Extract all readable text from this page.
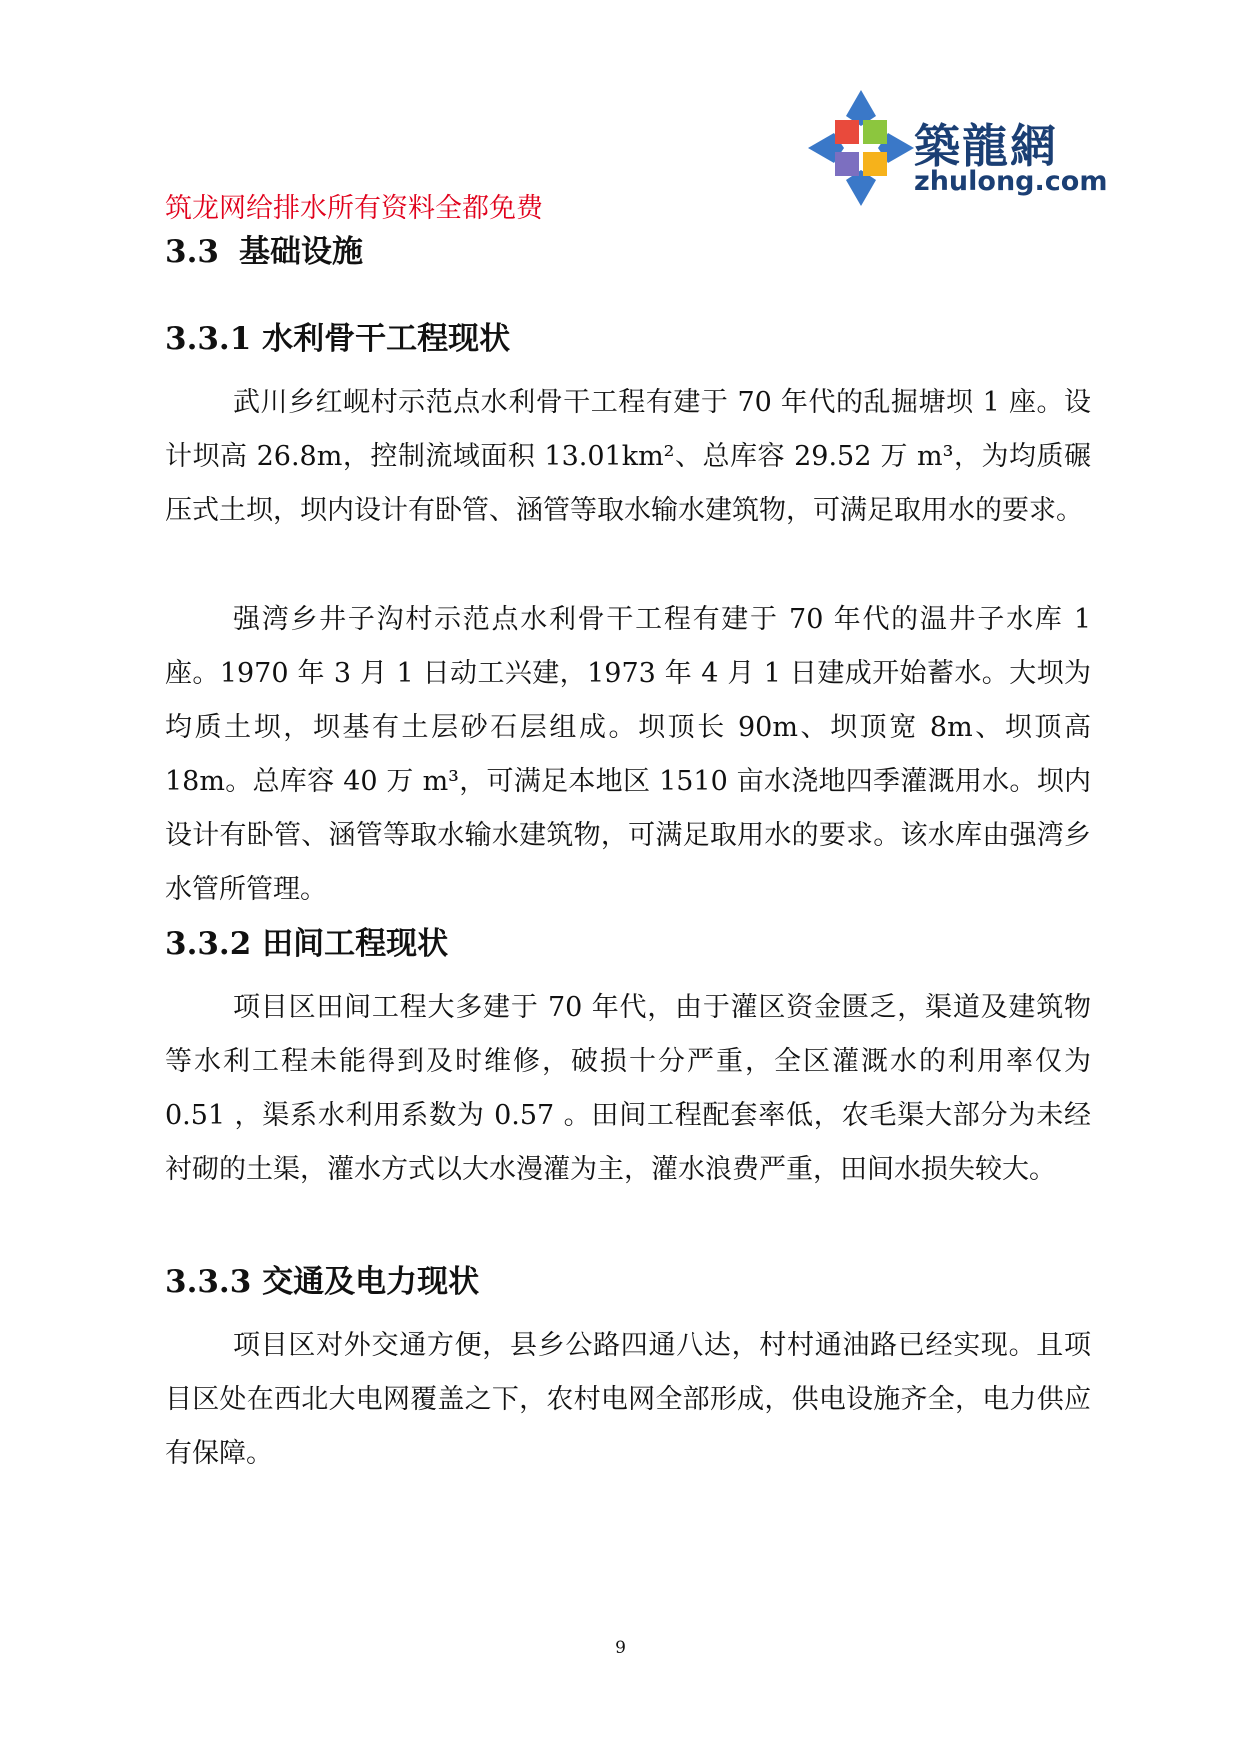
築龍網
zhulong.com
筑龙网给排水所有资料全都免费
3.3 基础设施
3.3.1 水利骨干工程现状

武川乡红岘村示范点水利骨干工程有建于 70 年代的乱掘塘坝 1 座。设计坝高 26.8m，控制流域面积 13.01km²、总库容 29.52 万 m³，为均质碾压式土坝，坝内设计有卧管、涵管等取水输水建筑物，可满足取用水的要求。

强湾乡井子沟村示范点水利骨干工程有建于 70 年代的温井子水库 1 座。1970 年 3 月 1 日动工兴建，1973 年 4 月 1 日建成开始蓄水。大坝为均质土坝，坝基有土层砂石层组成。坝顶长 90m、坝顶宽 8m、坝顶高 18m。总库容 40 万 m³，可满足本地区 1510 亩水浇地四季灌溉用水。坝内设计有卧管、涵管等取水输水建筑物，可满足取用水的要求。该水库由强湾乡水管所管理。

3.3.2 田间工程现状

项目区田间工程大多建于 70 年代，由于灌区资金匮乏，渠道及建筑物等水利工程未能得到及时维修，破损十分严重，全区灌溉水的利用率仅为 0.51 ，渠系水利用系数为 0.57 。田间工程配套率低，农毛渠大部分为未经衬砌的土渠，灌水方式以大水漫灌为主，灌水浪费严重，田间水损失较大。

3.3.3 交通及电力现状

项目区对外交通方便，县乡公路四通八达，村村通油路已经实现。且项目区处在西北大电网覆盖之下，农村电网全部形成，供电设施齐全，电力供应有保障。

9
